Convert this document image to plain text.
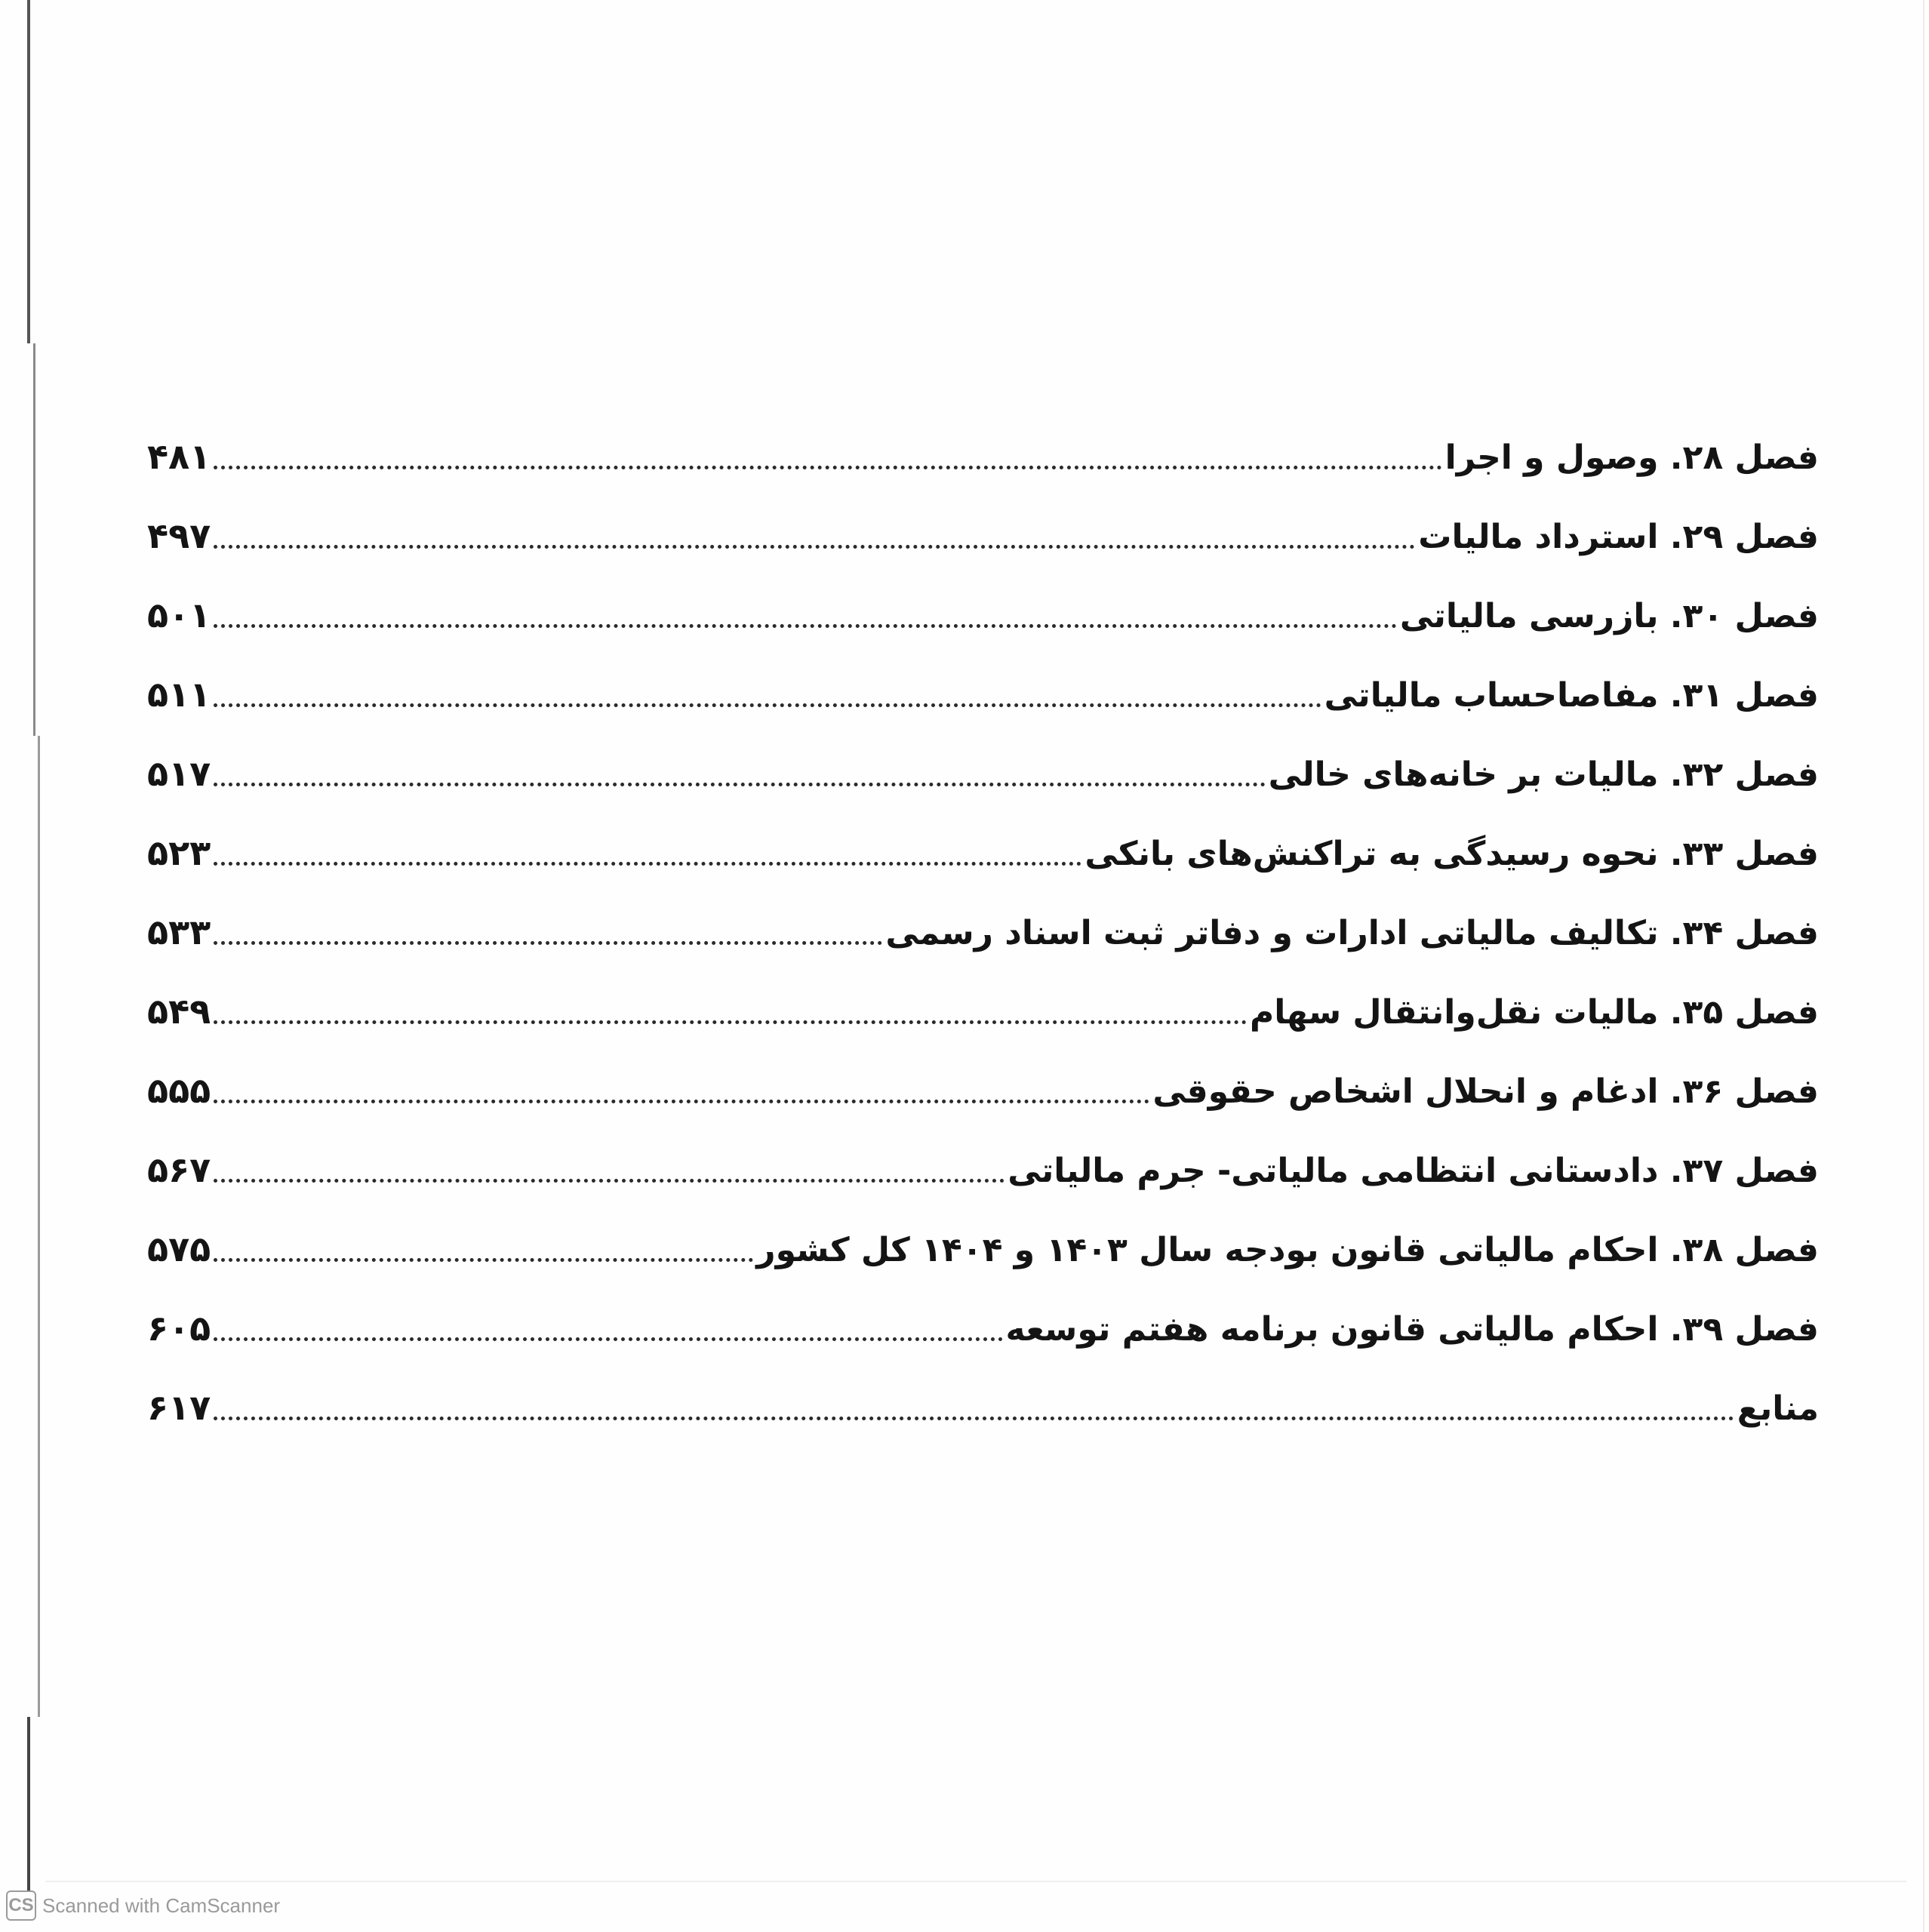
فصل ۲۸. وصول و اجرا
۴۸۱
فصل ۲۹. استرداد مالیات
۴۹۷
فصل ۳۰. بازرسی مالیاتی
۵۰۱
فصل ۳۱. مفاصاحساب مالیاتی
۵۱۱
فصل ۳۲. مالیات بر خانه‌های خالی
۵۱۷
فصل ۳۳. نحوه رسیدگی به تراکنش‌های بانکی
۵۲۳
فصل ۳۴. تکالیف مالیاتی ادارات و دفاتر ثبت اسناد رسمی
۵۳۳
فصل ۳۵. مالیات نقل‌وانتقال سهام
۵۴۹
فصل ۳۶. ادغام و انحلال اشخاص حقوقی
۵۵۵
فصل ۳۷. دادستانی انتظامی مالیاتی- جرم مالیاتی
۵۶۷
فصل ۳۸. احکام مالیاتی قانون بودجه سال ۱۴۰۳ و ۱۴۰۴ کل کشور
۵۷۵
فصل ۳۹. احکام مالیاتی قانون برنامه هفتم توسعه
۶۰۵
منابع
۶۱۷
CS Scanned with CamScanner
